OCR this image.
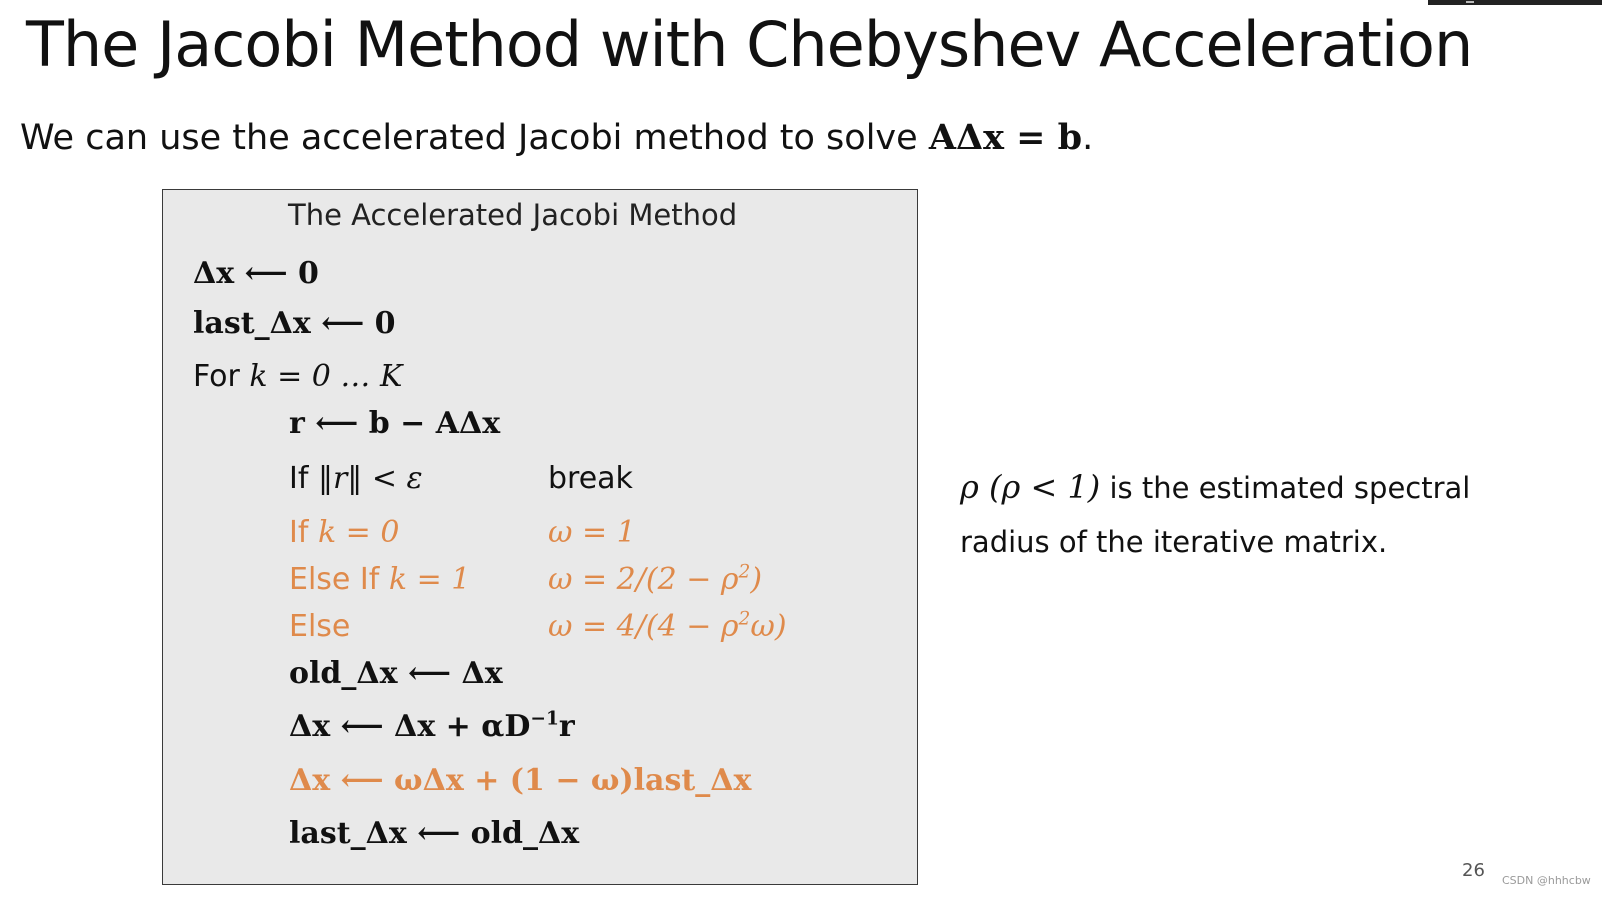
The Jacobi Method with Chebyshev Acceleration
We can use the accelerated Jacobi method to solve AΔx = b.
The Accelerated Jacobi Method
Δx ⟵ 0
last_Δx ⟵ 0
For k = 0 … K
r ⟵ b − AΔx
If ‖r‖ < ε	break
If k = 0	ω = 1
Else If k = 1	$\omega = 2/(2 - \rho^2)$
Else	$\omega = 4/(4 - \rho^2\omega)$
old_Δx ⟵ Δx
Δx ⟵ $\Delta x + \alpha D^{-1}r$
Δx ⟵ ωΔx + (1 − ω)last_Δx
last_Δx ⟵ old_Δx
ρ (ρ < 1) is the estimated spectral radius of the iterative matrix.
26 CSDN @hhhcbw
